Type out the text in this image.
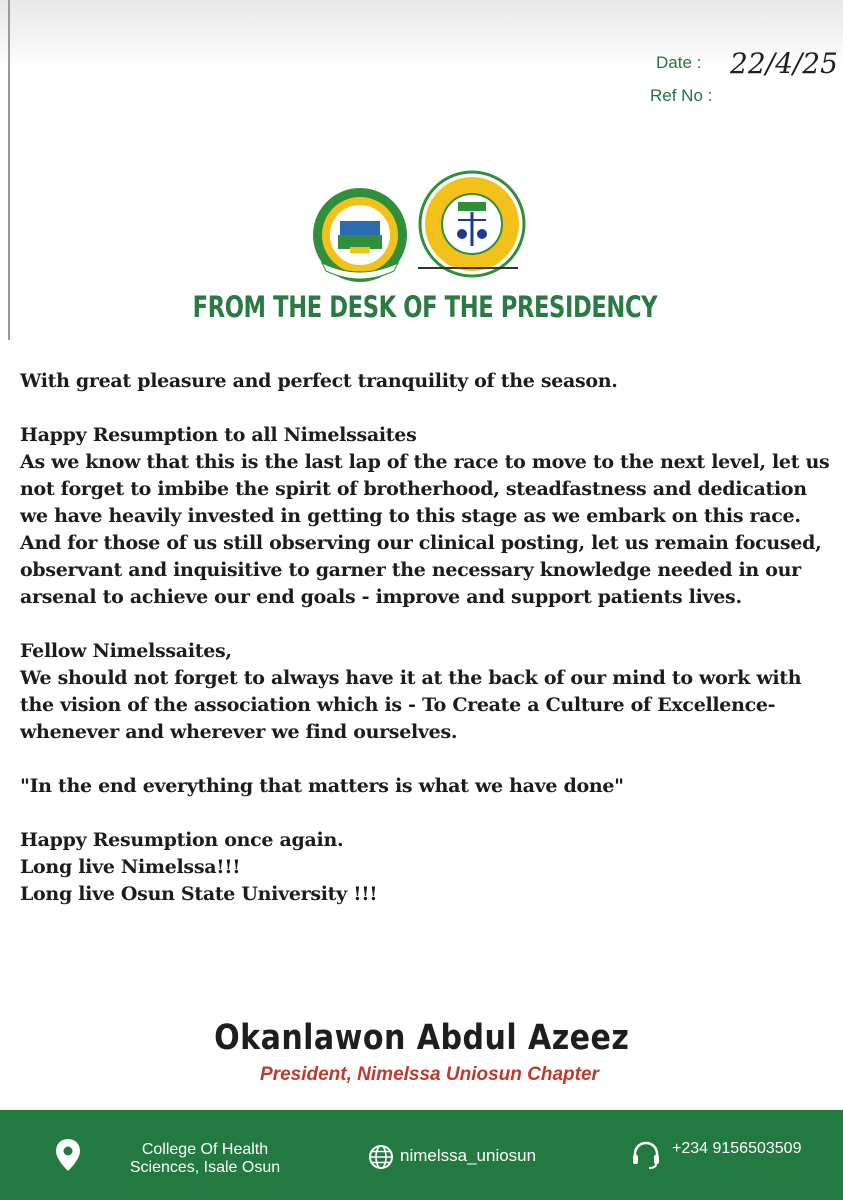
Date : 22/4/25
Ref No :
FROM THE DESK OF THE PRESIDENCY

With great pleasure and perfect tranquility of the season.

Happy Resumption to all Nimelssaites

As we know that this is the last lap of the race to move to the next level, let us not forget to imbibe the spirit of brotherhood, steadfastness and dedication we have heavily invested in getting to this stage as we embark on this race.

And for those of us still observing our clinical posting, let us remain focused, observant and inquisitive to garner the necessary knowledge needed in our arsenal to achieve our end goals - improve and support patients lives.

Fellow Nimelssaites,

We should not forget to always have it at the back of our mind to work with the vision of the association which is - To Create a Culture of Excellence- whenever and wherever we find ourselves.

"In the end everything that matters is what we have done"

Happy Resumption once again.

Long live Nimelssa!!!

Long live Osun State University !!!

Okanlawon Abdul Azeez
President, Nimelssa Uniosun Chapter
College Of Health
Sciences, Isale Osun
nimelssa_uniosun	+234 9156503509
